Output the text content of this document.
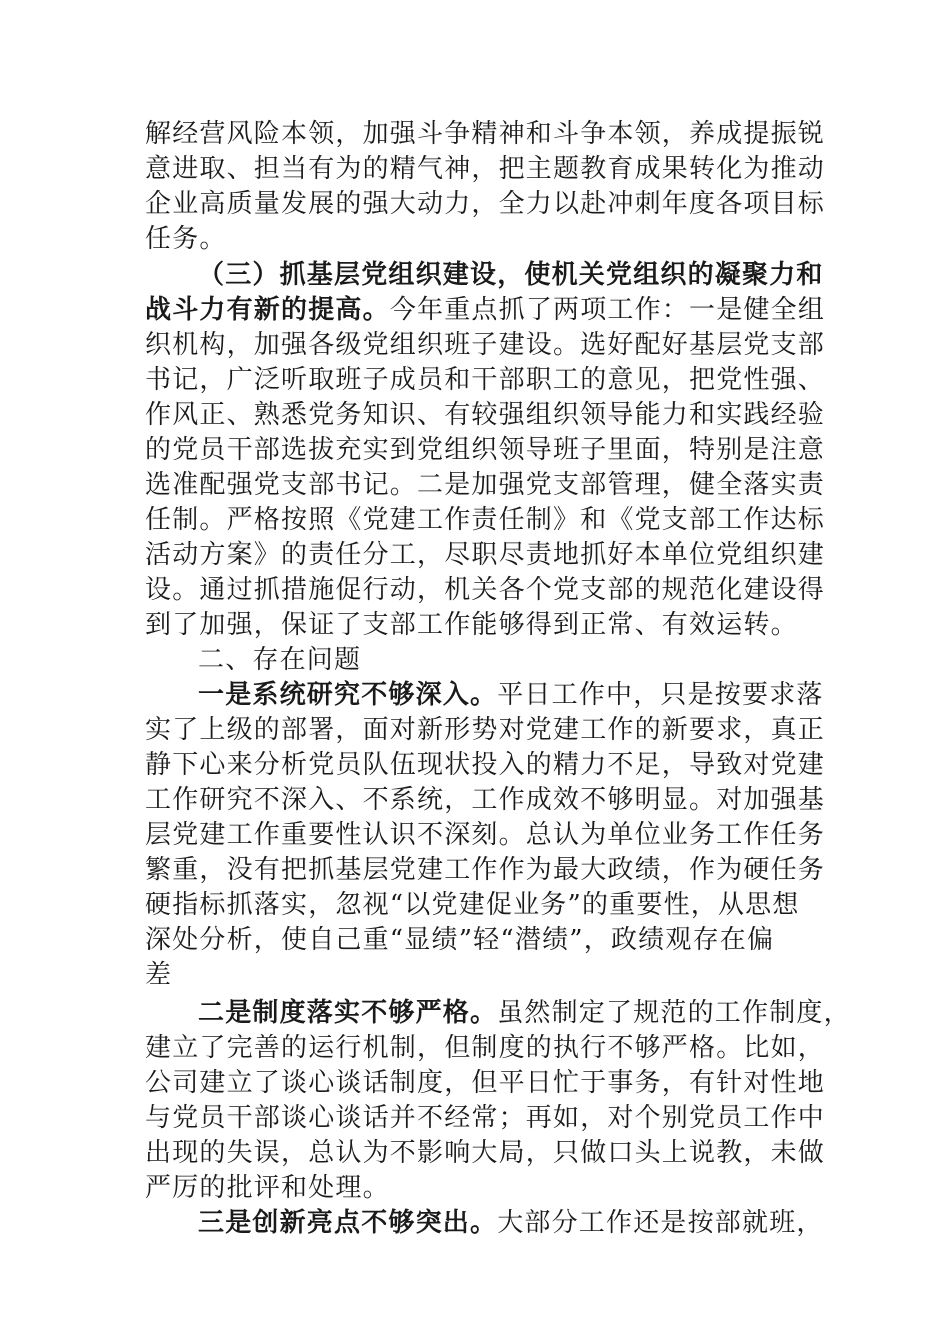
解经营风险本领，加强斗争精神和斗争本领，养成提振锐
意进取、担当有为的精气神，把主题教育成果转化为推动
企业高质量发展的强大动力，全力以赴冲刺年度各项目标
任务。
（三）抓基层党组织建设，使机关党组织的凝聚力和
战斗力有新的提高。今年重点抓了两项工作：一是健全组
织机构，加强各级党组织班子建设。选好配好基层党支部
书记，广泛听取班子成员和干部职工的意见，把党性强、
作风正、熟悉党务知识、有较强组织领导能力和实践经验
的党员干部选拔充实到党组织领导班子里面，特别是注意
选准配强党支部书记。二是加强党支部管理，健全落实责
任制。严格按照《党建工作责任制》和《党支部工作达标
活动方案》的责任分工，尽职尽责地抓好本单位党组织建
设。通过抓措施促行动，机关各个党支部的规范化建设得
到了加强，保证了支部工作能够得到正常、有效运转。
二、存在问题
一是系统研究不够深入。平日工作中，只是按要求落
实了上级的部署，面对新形势对党建工作的新要求，真正
静下心来分析党员队伍现状投入的精力不足，导致对党建
工作研究不深入、不系统，工作成效不够明显。对加强基
层党建工作重要性认识不深刻。总认为单位业务工作任务
繁重，没有把抓基层党建工作作为最大政绩，作为硬任务
硬指标抓落实，忽视“以党建促业务”的重要性，从思想
深处分析，使自己重“显绩”轻“潜绩”，政绩观存在偏
差
二是制度落实不够严格。虽然制定了规范的工作制度，
建立了完善的运行机制，但制度的执行不够严格。比如，
公司建立了谈心谈话制度，但平日忙于事务，有针对性地
与党员干部谈心谈话并不经常；再如，对个别党员工作中
出现的失误，总认为不影响大局，只做口头上说教，未做
严厉的批评和处理。
三是创新亮点不够突出。大部分工作还是按部就班，
